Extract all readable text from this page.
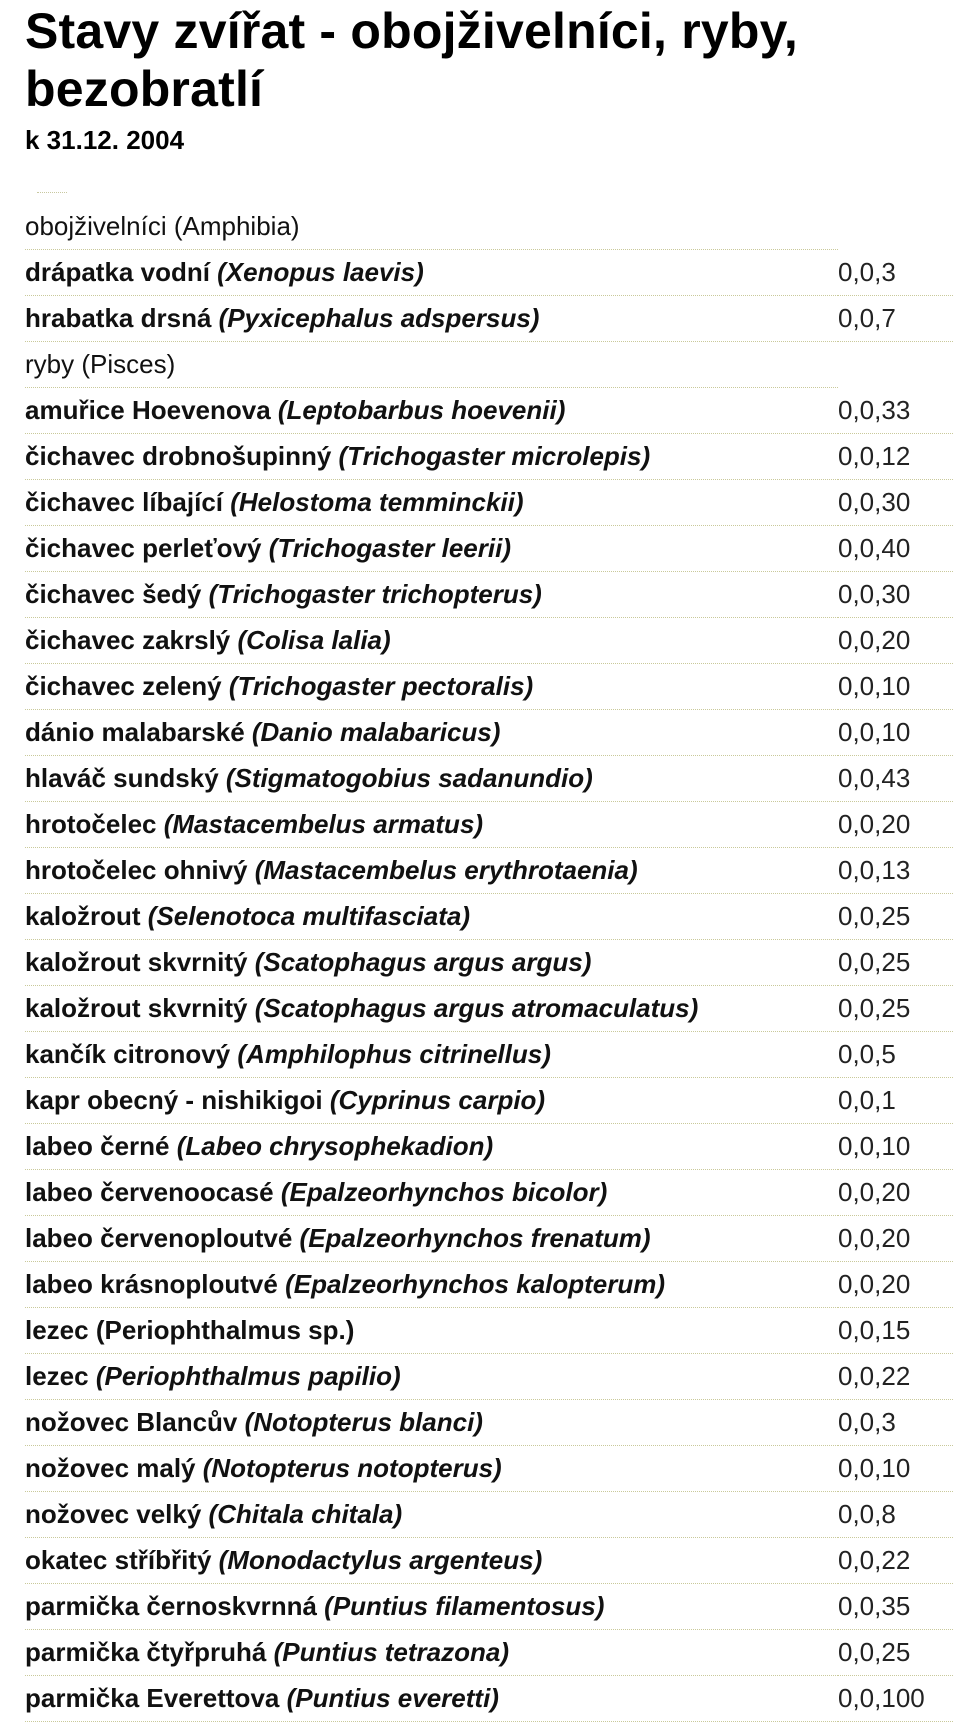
Stavy zvířat - obojživelníci, ryby, bezobratlí
k 31.12. 2004
obojživelníci (Amphibia)	
drápatka vodní (Xenopus laevis)	0,0,3
hrabatka drsná (Pyxicephalus adspersus)	0,0,7
ryby (Pisces)	
amuřice Hoevenova (Leptobarbus hoevenii)	0,0,33
čichavec drobnošupinný (Trichogaster microlepis)	0,0,12
čichavec líbající (Helostoma temminckii)	0,0,30
čichavec perleťový (Trichogaster leerii)	0,0,40
čichavec šedý (Trichogaster trichopterus)	0,0,30
čichavec zakrslý (Colisa lalia)	0,0,20
čichavec zelený (Trichogaster pectoralis)	0,0,10
dánio malabarské (Danio malabaricus)	0,0,10
hlaváč sundský (Stigmatogobius sadanundio)	0,0,43
hrotočelec (Mastacembelus armatus)	0,0,20
hrotočelec ohnivý (Mastacembelus erythrotaenia)	0,0,13
kaložrout (Selenotoca multifasciata)	0,0,25
kaložrout skvrnitý (Scatophagus argus argus)	0,0,25
kaložrout skvrnitý (Scatophagus argus atromaculatus)	0,0,25
kančík citronový (Amphilophus citrinellus)	0,0,5
kapr obecný - nishikigoi (Cyprinus carpio)	0,0,1
labeo černé (Labeo chrysophekadion)	0,0,10
labeo červenoocasé (Epalzeorhynchos bicolor)	0,0,20
labeo červenoploutvé (Epalzeorhynchos frenatum)	0,0,20
labeo krásnoploutvé (Epalzeorhynchos kalopterum)	0,0,20
lezec (Periophthalmus sp.)	0,0,15
lezec (Periophthalmus papilio)	0,0,22
nožovec Blancův (Notopterus blanci)	0,0,3
nožovec malý (Notopterus notopterus)	0,0,10
nožovec velký (Chitala chitala)	0,0,8
okatec stříbřitý (Monodactylus argenteus)	0,0,22
parmička černoskvrnná (Puntius filamentosus)	0,0,35
parmička čtyřpruhá (Puntius tetrazona)	0,0,25
parmička Everettova (Puntius everetti)	0,0,100
